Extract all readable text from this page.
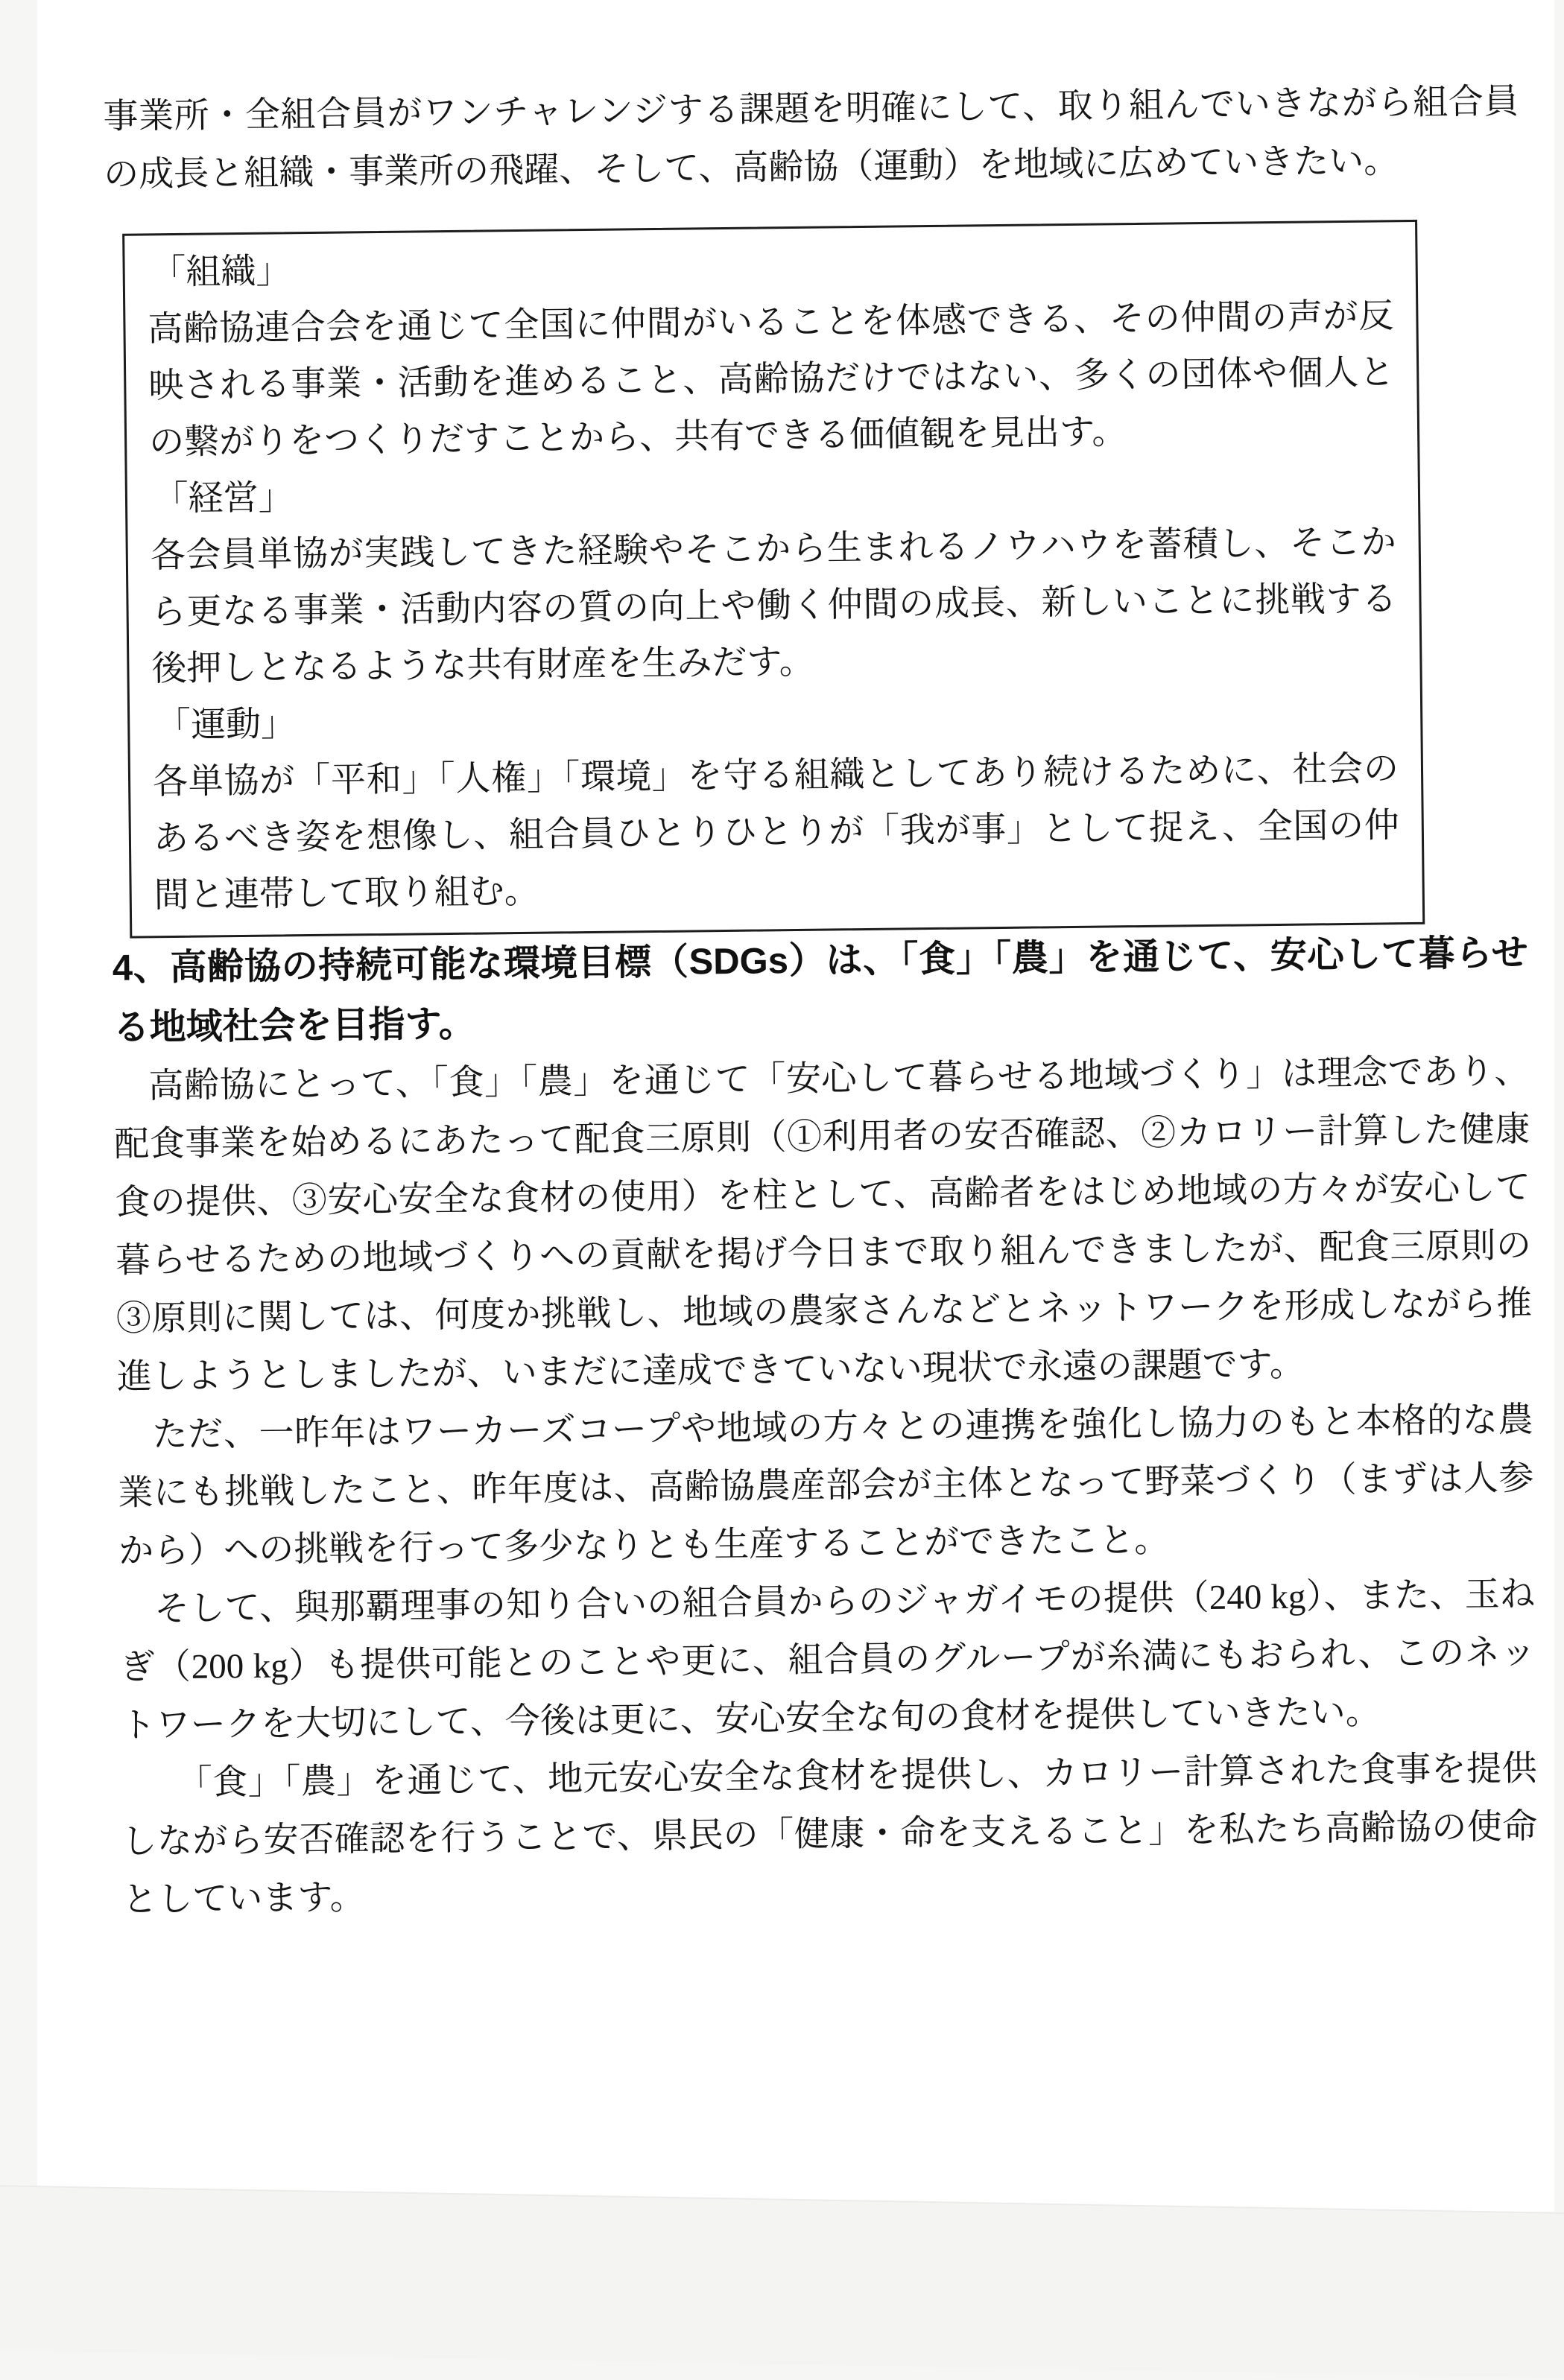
事業所・全組合員がワンチャレンジする課題を明確にして、取り組んでいきながら組合員の成長と組織・事業所の飛躍、そして、高齢協（運動）を地域に広めていきたい。

「組織」

高齢協連合会を通じて全国に仲間がいることを体感できる、その仲間の声が反映される事業・活動を進めること、高齢協だけではない、多くの団体や個人との繋がりをつくりだすことから、共有できる価値観を見出す。

「経営」

各会員単協が実践してきた経験やそこから生まれるノウハウを蓄積し、そこから更なる事業・活動内容の質の向上や働く仲間の成長、新しいことに挑戦する後押しとなるような共有財産を生みだす。

「運動」

各単協が「平和」「人権」「環境」を守る組織としてあり続けるために、社会のあるべき姿を想像し、組合員ひとりひとりが「我が事」として捉え、全国の仲間と連帯して取り組む。

4、高齢協の持続可能な環境目標（SDGs）は、「食」「農」を通じて、安心して暮らせる地域社会を目指す。

高齢協にとって、「食」「農」を通じて「安心して暮らせる地域づくり」は理念であり、配食事業を始めるにあたって配食三原則（①利用者の安否確認、②カロリー計算した健康食の提供、③安心安全な食材の使用）を柱として、高齢者をはじめ地域の方々が安心して暮らせるための地域づくりへの貢献を掲げ今日まで取り組んできましたが、配食三原則の③原則に関しては、何度か挑戦し、地域の農家さんなどとネットワークを形成しながら推進しようとしましたが、いまだに達成できていない現状で永遠の課題です。

ただ、一昨年はワーカーズコープや地域の方々との連携を強化し協力のもと本格的な農業にも挑戦したこと、昨年度は、高齢協農産部会が主体となって野菜づくり（まずは人参から）への挑戦を行って多少なりとも生産することができたこと。

そして、與那覇理事の知り合いの組合員からのジャガイモの提供（240 kg）、また、玉ねぎ（200 kg）も提供可能とのことや更に、組合員のグループが糸満にもおられ、このネットワークを大切にして、今後は更に、安心安全な旬の食材を提供していきたい。

「食」「農」を通じて、地元安心安全な食材を提供し、カロリー計算された食事を提供しながら安否確認を行うことで、県民の「健康・命を支えること」を私たち高齢協の使命としています。
